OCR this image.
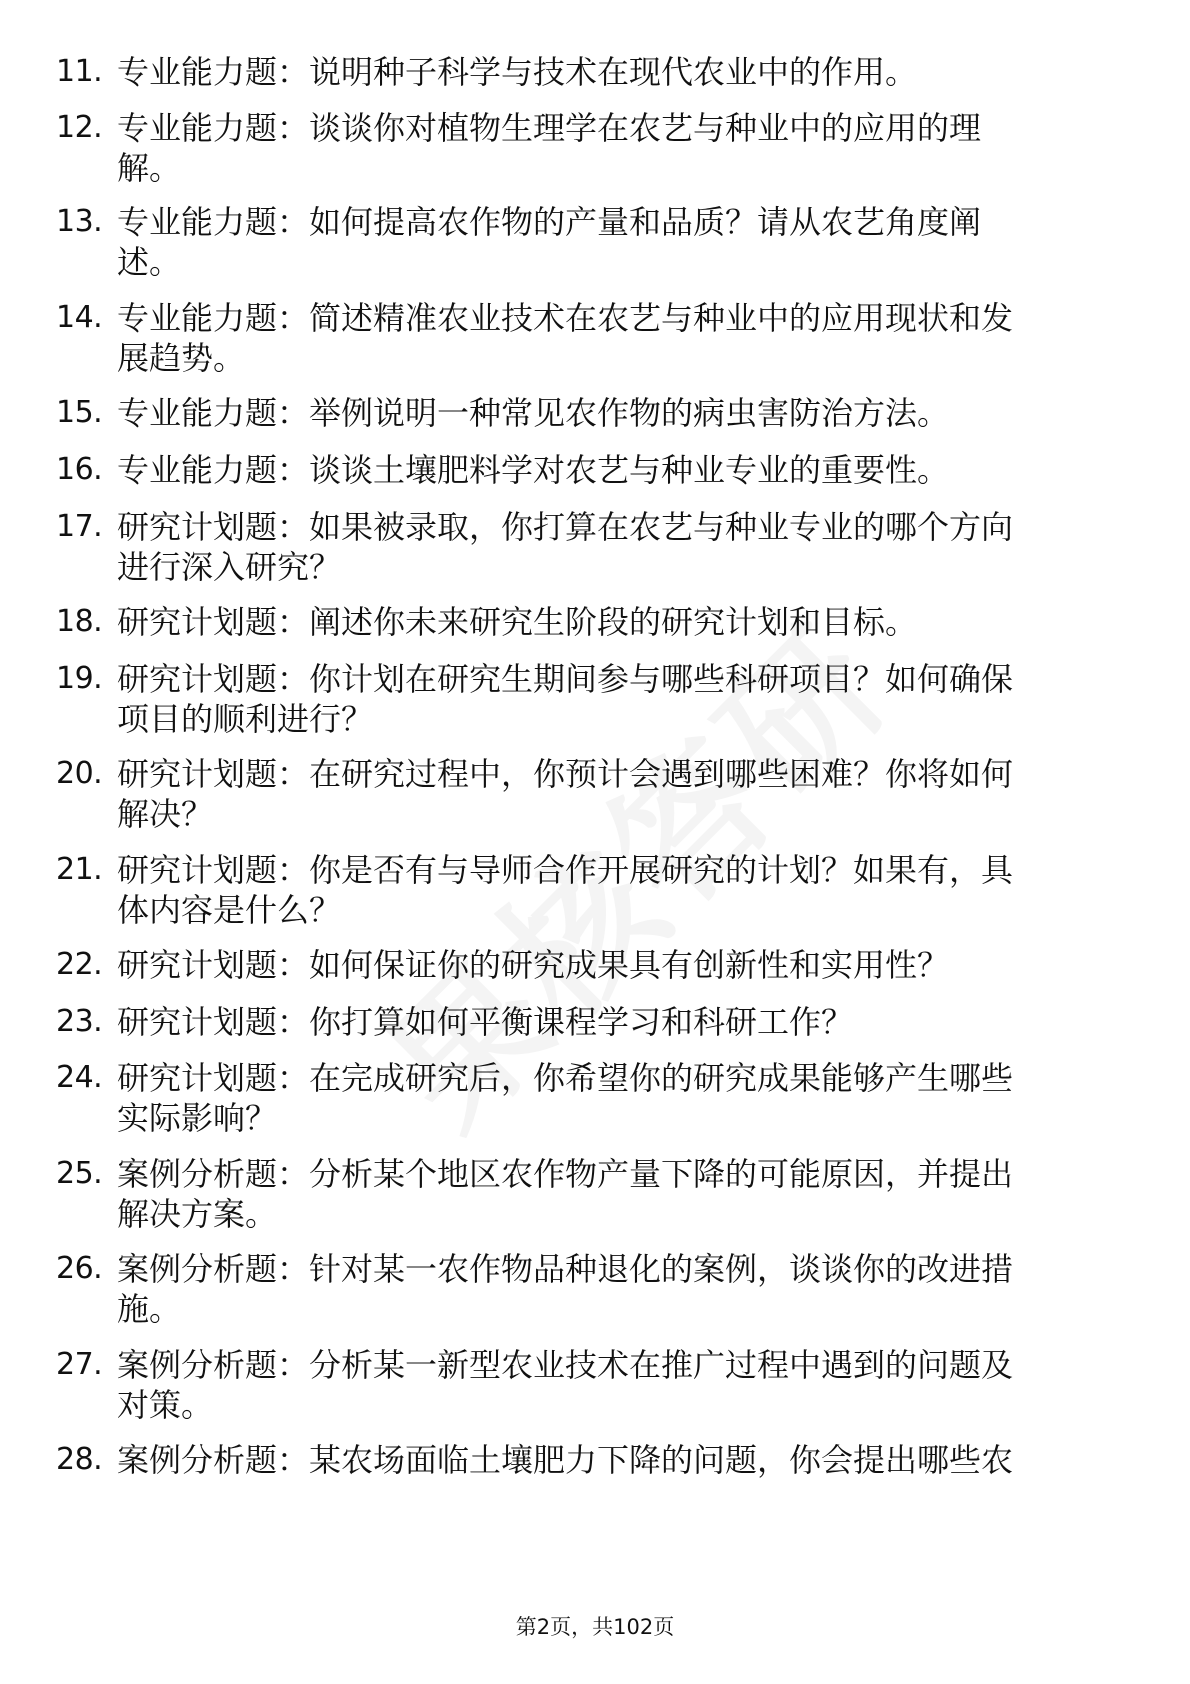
11. 专业能力题：说明种子科学与技术在现代农业中的作用。
12. 专业能力题：谈谈你对植物生理学在农艺与种业中的应用的理解。
13. 专业能力题：如何提高农作物的产量和品质？请从农艺角度阐述。
14. 专业能力题：简述精准农业技术在农艺与种业中的应用现状和发展趋势。
15. 专业能力题：举例说明一种常见农作物的病虫害防治方法。
16. 专业能力题：谈谈土壤肥料学对农艺与种业专业的重要性。
17. 研究计划题：如果被录取，你打算在农艺与种业专业的哪个方向进行深入研究？
18. 研究计划题：阐述你未来研究生阶段的研究计划和目标。
19. 研究计划题：你计划在研究生期间参与哪些科研项目？如何确保项目的顺利进行？
20. 研究计划题：在研究过程中，你预计会遇到哪些困难？你将如何解决？
21. 研究计划题：你是否有与导师合作开展研究的计划？如果有，具体内容是什么？
22. 研究计划题：如何保证你的研究成果具有创新性和实用性？
23. 研究计划题：你打算如何平衡课程学习和科研工作？
24. 研究计划题：在完成研究后，你希望你的研究成果能够产生哪些实际影响？
25. 案例分析题：分析某个地区农作物产量下降的可能原因，并提出解决方案。
26. 案例分析题：针对某一农作物品种退化的案例，谈谈你的改进措施。
27. 案例分析题：分析某一新型农业技术在推广过程中遇到的问题及对策。
28. 案例分析题：某农场面临土壤肥力下降的问题，你会提出哪些农
第2页，共102页
